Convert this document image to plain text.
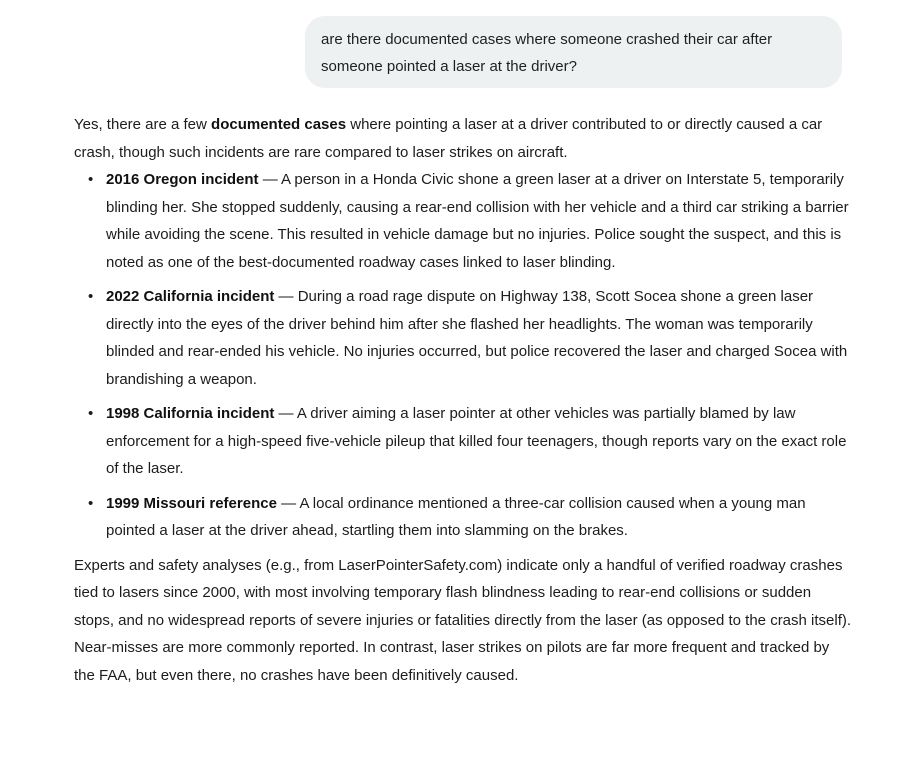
are there documented cases where someone crashed their car after someone pointed a laser at the driver?

Yes, there are a few documented cases where pointing a laser at a driver contributed to or directly caused a car crash, though such incidents are rare compared to laser strikes on aircraft.

• 2016 Oregon incident — A person in a Honda Civic shone a green laser at a driver on Interstate 5, temporarily blinding her. She stopped suddenly, causing a rear-end collision with her vehicle and a third car striking a barrier while avoiding the scene. This resulted in vehicle damage but no injuries. Police sought the suspect, and this is noted as one of the best-documented roadway cases linked to laser blinding.
• 2022 California incident — During a road rage dispute on Highway 138, Scott Socea shone a green laser directly into the eyes of the driver behind him after she flashed her headlights. The woman was temporarily blinded and rear-ended his vehicle. No injuries occurred, but police recovered the laser and charged Socea with brandishing a weapon.
• 1998 California incident — A driver aiming a laser pointer at other vehicles was partially blamed by law enforcement for a high-speed five-vehicle pileup that killed four teenagers, though reports vary on the exact role of the laser.
• 1999 Missouri reference — A local ordinance mentioned a three-car collision caused when a young man pointed a laser at the driver ahead, startling them into slamming on the brakes.

Experts and safety analyses (e.g., from LaserPointerSafety.com) indicate only a handful of verified roadway crashes tied to lasers since 2000, with most involving temporary flash blindness leading to rear-end collisions or sudden stops, and no widespread reports of severe injuries or fatalities directly from the laser (as opposed to the crash itself). Near-misses are more commonly reported. In contrast, laser strikes on pilots are far more frequent and tracked by the FAA, but even there, no crashes have been definitively caused.
